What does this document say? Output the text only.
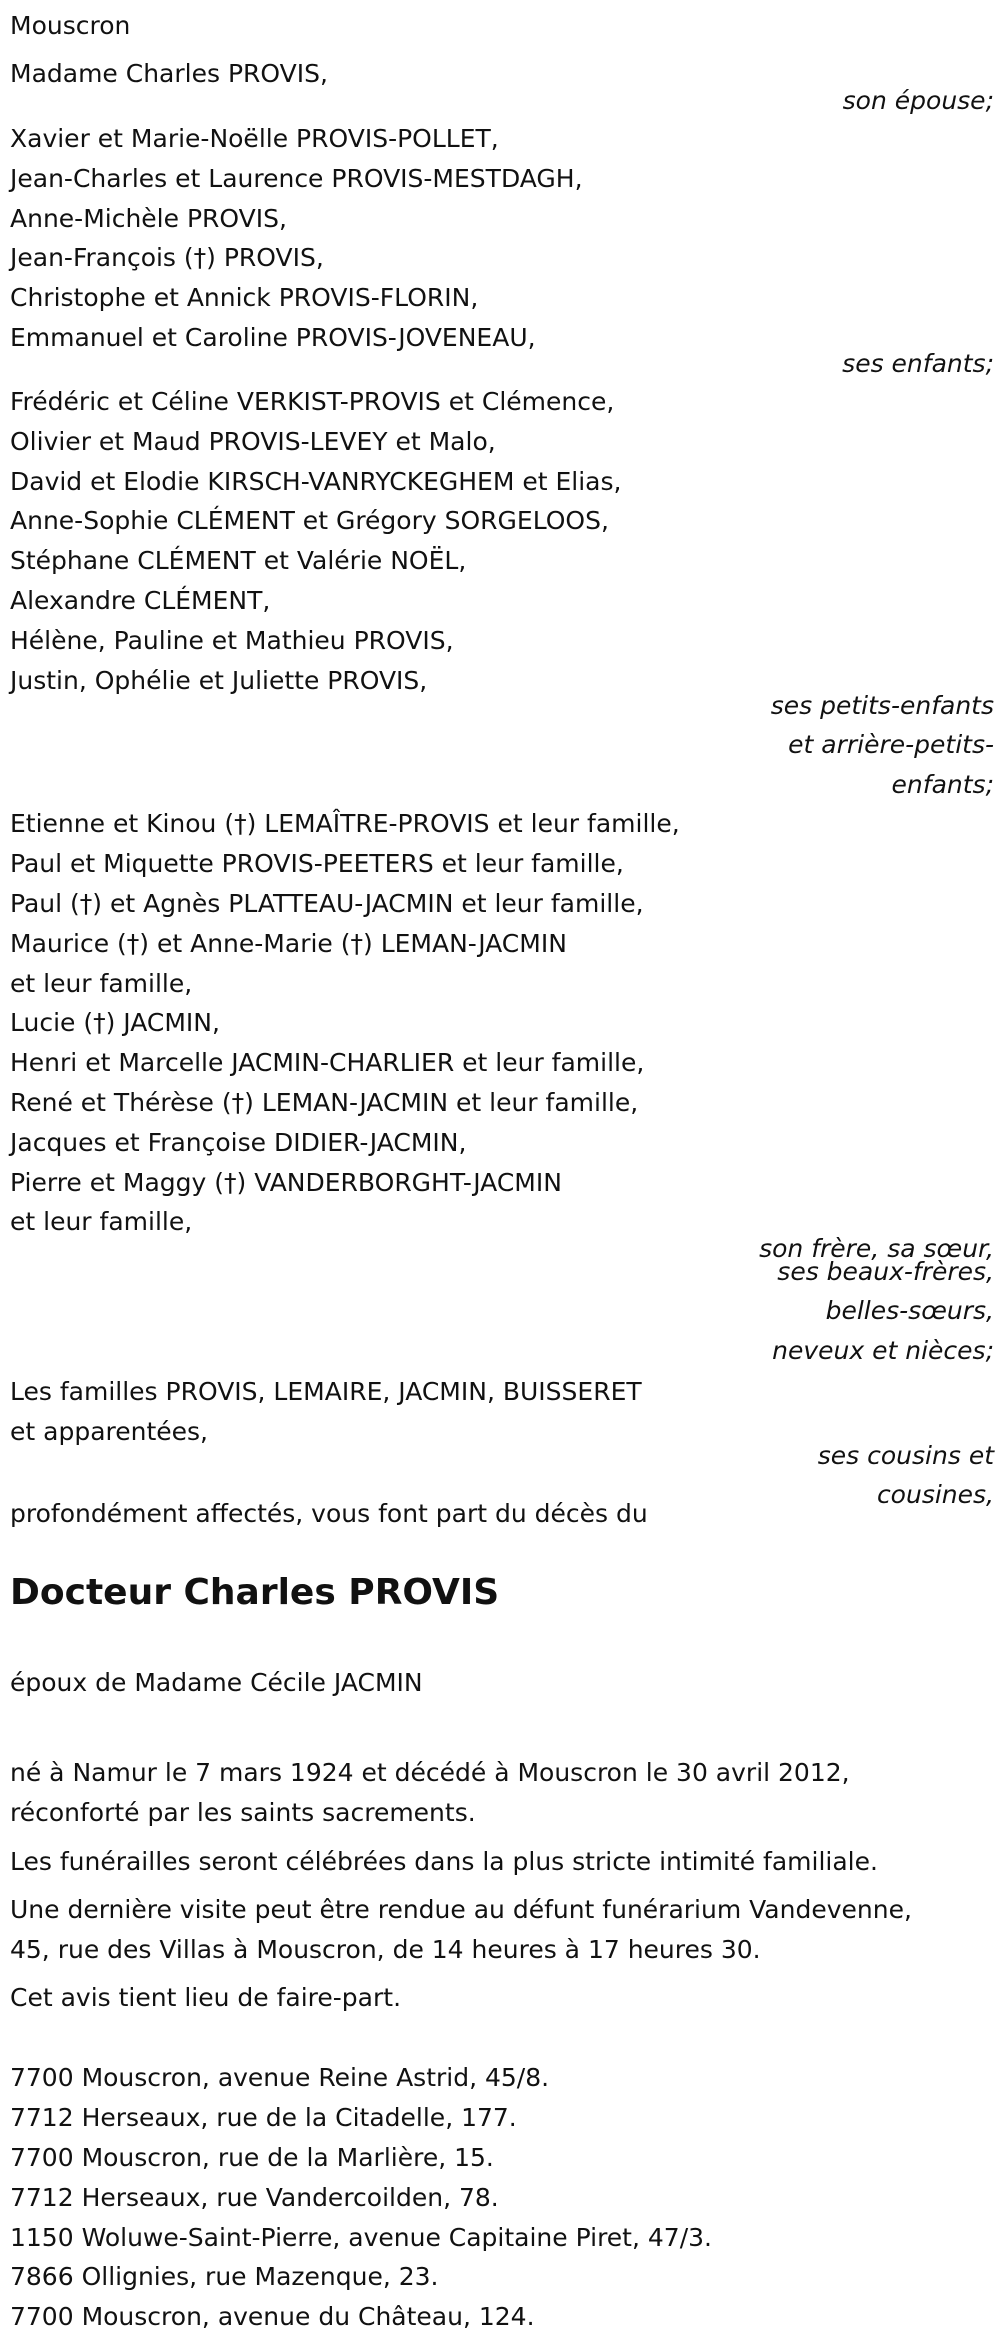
Mouscron
Madame Charles PROVIS,
son épouse;
Xavier et Marie-Noëlle PROVIS-POLLET,
Jean-Charles et Laurence PROVIS-MESTDAGH,
Anne-Michèle PROVIS,
Jean-François (†) PROVIS,
Christophe et Annick PROVIS-FLORIN,
Emmanuel et Caroline PROVIS-JOVENEAU,
ses enfants;
Frédéric et Céline VERKIST-PROVIS et Clémence,
Olivier et Maud PROVIS-LEVEY et Malo,
David et Elodie KIRSCH-VANRYCKEGHEM et Elias,
Anne-Sophie CLÉMENT et Grégory SORGELOOS,
Stéphane CLÉMENT et Valérie NOËL,
Alexandre CLÉMENT,
Hélène, Pauline et Mathieu PROVIS,
Justin, Ophélie et Juliette PROVIS,
ses petits-enfants
et arrière-petits-
enfants;
Etienne et Kinou (†) LEMAÎTRE-PROVIS et leur famille,
Paul et Miquette PROVIS-PEETERS et leur famille,
Paul (†) et Agnès PLATTEAU-JACMIN et leur famille,
Maurice (†) et Anne-Marie (†) LEMAN-JACMIN
et leur famille,
Lucie (†) JACMIN,
Henri et Marcelle JACMIN-CHARLIER et leur famille,
René et Thérèse (†) LEMAN-JACMIN et leur famille,
Jacques et Françoise DIDIER-JACMIN,
Pierre et Maggy (†) VANDERBORGHT-JACMIN
et leur famille,
son frère, sa sœur,
ses beaux-frères,
belles-sœurs,
neveux et nièces;
Les familles PROVIS, LEMAIRE, JACMIN, BUISSERET
et apparentées,
ses cousins et
cousines,
profondément affectés, vous font part du décès du
Docteur Charles PROVIS
époux de Madame Cécile JACMIN
né à Namur le 7 mars 1924 et décédé à Mouscron le 30 avril 2012,
réconforté par les saints sacrements.
Les funérailles seront célébrées dans la plus stricte intimité familiale.
Une dernière visite peut être rendue au défunt funérarium Vandevenne,
45, rue des Villas à Mouscron, de 14 heures à 17 heures 30.
Cet avis tient lieu de faire-part.
7700 Mouscron, avenue Reine Astrid, 45/8.
7712 Herseaux, rue de la Citadelle, 177.
7700 Mouscron, rue de la Marlière, 15.
7712 Herseaux, rue Vandercoilden, 78.
1150 Woluwe-Saint-Pierre, avenue Capitaine Piret, 47/3.
7866 Ollignies, rue Mazenque, 23.
7700 Mouscron, avenue du Château, 124.
